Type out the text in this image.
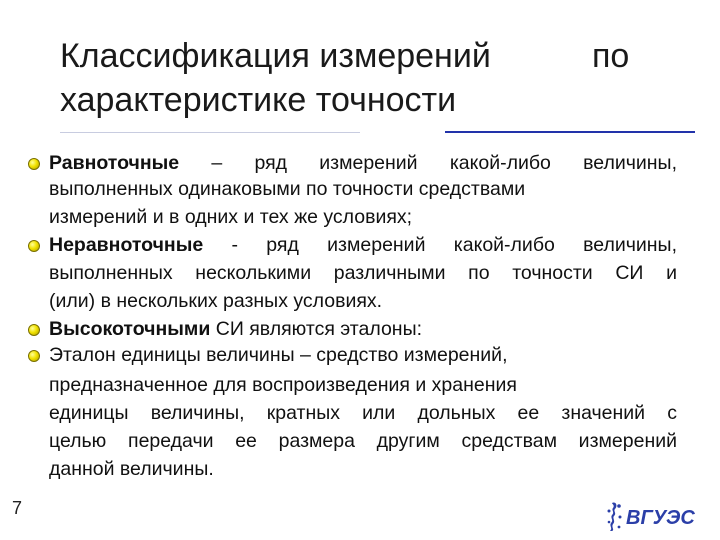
Классификация измерений	по
характеристике точности
Равноточные – ряд измерений какой-либо величины,
выполненных одинаковыми по точности средствами
измерений и в одних и тех же условиях;
Неравноточные - ряд измерений какой-либо величины,
выполненных несколькими различными по точности СИ и
(или) в нескольких разных условиях.
Высокоточными СИ являются эталоны:
Эталон единицы величины – средство измерений,
предназначенное для воспроизведения и хранения
единицы величины, кратных или дольных ее значений с
целью передачи ее размера другим средствам измерений
данной величины.
7	ВГУЭС
